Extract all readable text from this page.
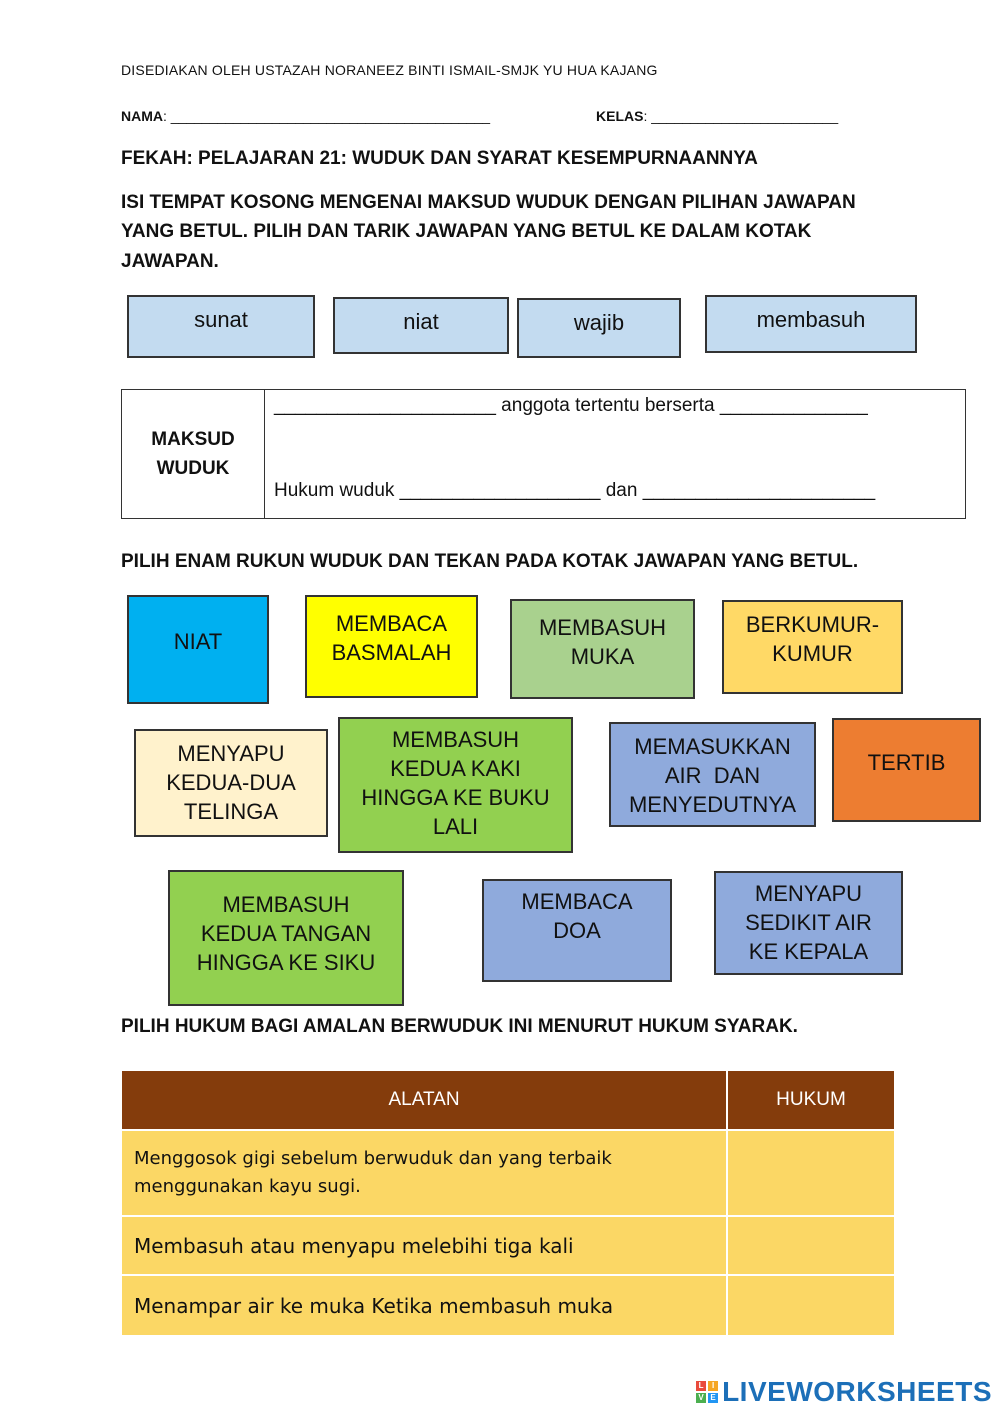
DISEDIAKAN OLEH USTAZAH NORANEEZ BINTI ISMAIL-SMJK YU HUA KAJANG
NAMA: _________________________________________	KELAS: ________________________
FEKAH: PELAJARAN 21: WUDUK DAN SYARAT KESEMPURNAANNYA
ISI TEMPAT KOSONG MENGENAI MAKSUD WUDUK DENGAN PILIHAN JAWAPAN
YANG BETUL. PILIH DAN TARIK JAWAPAN YANG BETUL KE DALAM KOTAK
JAWAPAN.
sunat	niat	wajib	membasuh
MAKSUD
WUDUK
_____________________ anggota tertentu berserta ______________
Hukum wuduk ___________________ dan ______________________
PILIH ENAM RUKUN WUDUK DAN TEKAN PADA KOTAK JAWAPAN YANG BETUL.
NIAT
MEMBACA
BASMALAH
MEMBASUH
MUKA
BERKUMUR-
KUMUR
MENYAPU
KEDUA-DUA
TELINGA
MEMBASUH
KEDUA KAKI
HINGGA KE BUKU
LALI
MEMASUKKAN
AIR  DAN
MENYEDUTNYA
TERTIB
MEMBASUH
KEDUA TANGAN
HINGGA KE SIKU
MEMBACA
DOA
MENYAPU
SEDIKIT AIR
KE KEPALA
PILIH HUKUM BAGI AMALAN BERWUDUK INI MENURUT HUKUM SYARAK.
ALATAN	HUKUM
Menggosok gigi sebelum berwuduk dan yang terbaik
menggunakan kayu sugi.
Membasuh atau menyapu melebihi tiga kali
Menampar air ke muka Ketika membasuh muka
L	I
V E LIVEWORKSHEETS
